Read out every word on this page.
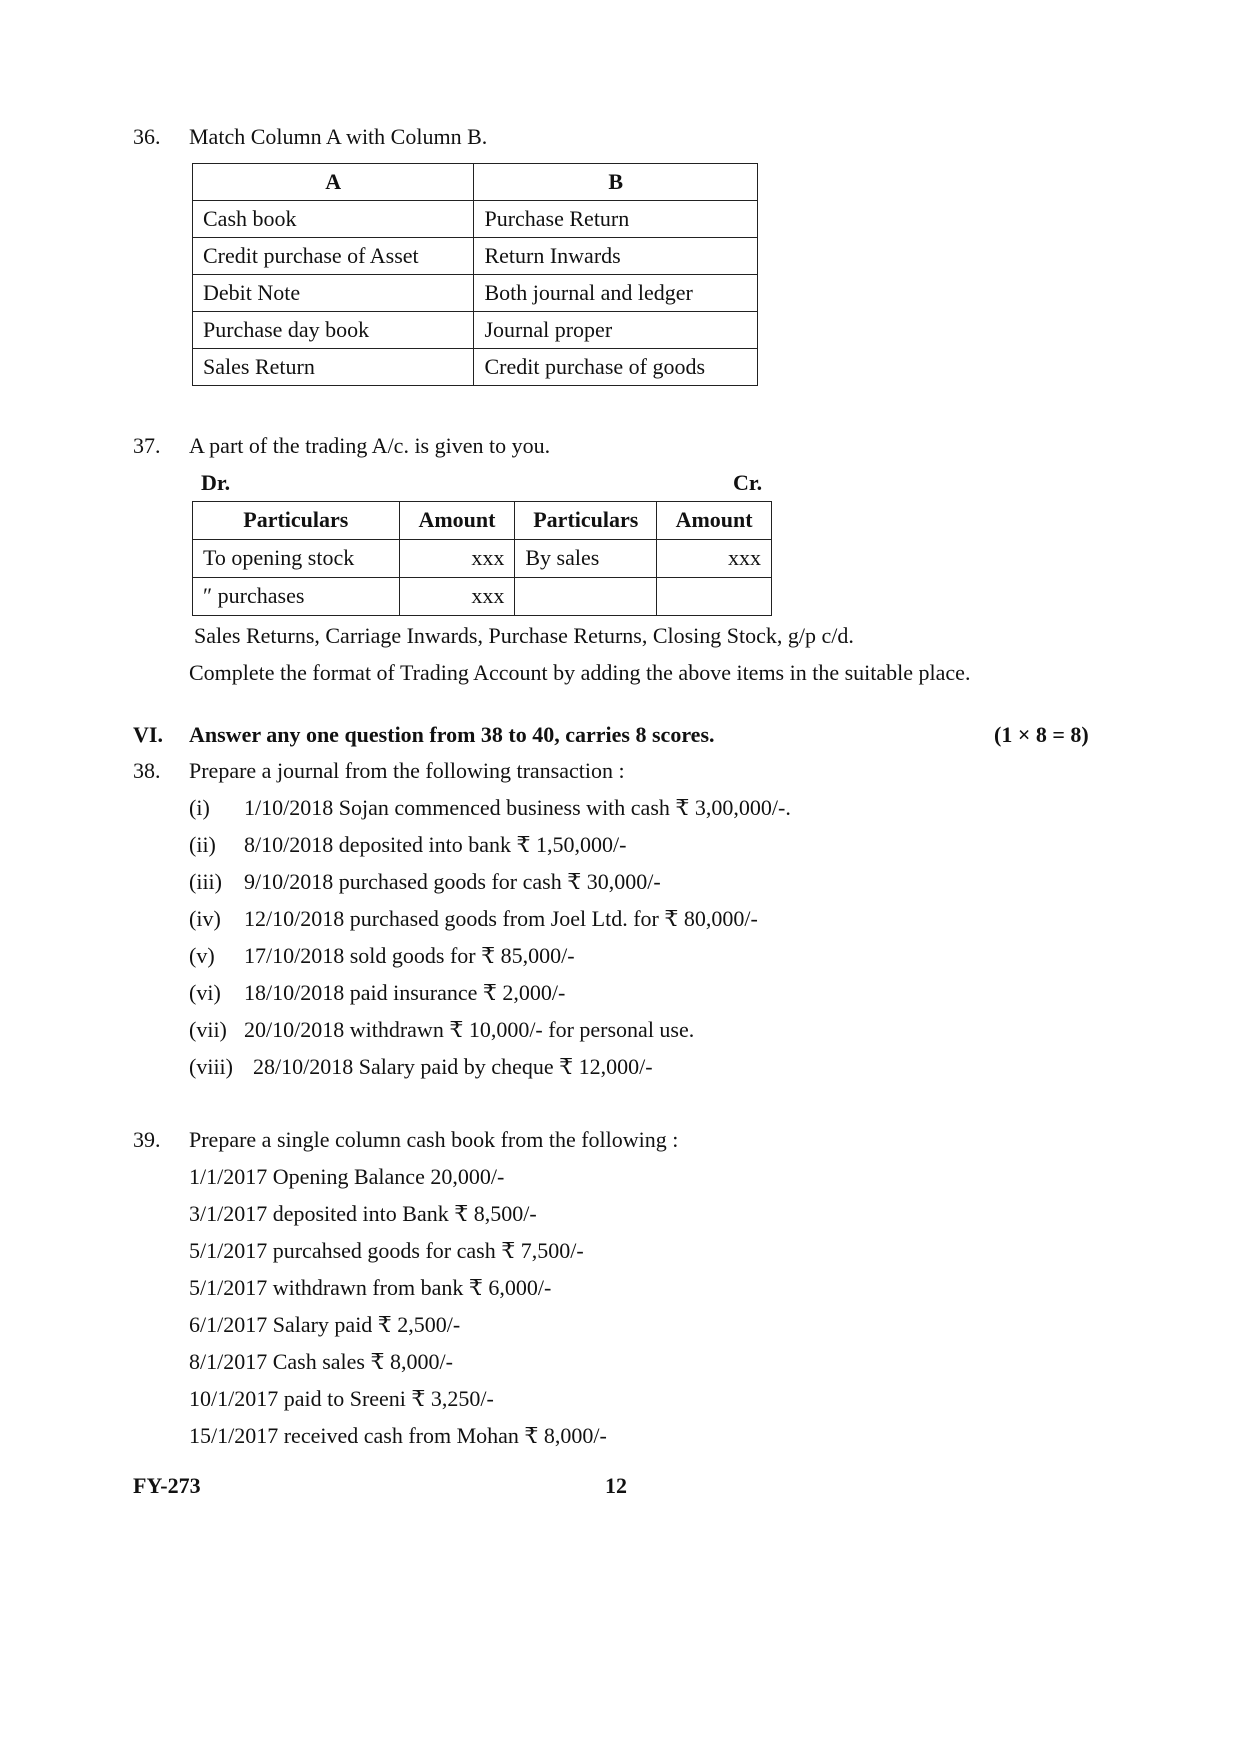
36. Match Column A with Column B.
A	B
Cash book	Purchase Return
Credit purchase of Asset	Return Inwards
Debit Note	Both journal and ledger
Purchase day book	Journal proper
Sales Return	Credit purchase of goods
37. A part of the trading A/c. is given to you.
Dr.	Cr.
Particulars	Amount	Particulars	Amount
To opening stock	xxx	By sales	xxx
″ purchases	xxx		
Sales Returns, Carriage Inwards, Purchase Returns, Closing Stock, g/p c/d.
Complete the format of Trading Account by adding the above items in the suitable place.
VI. Answer any one question from 38 to 40, carries 8 scores.	(1 × 8 = 8)
38. Prepare a journal from the following transaction :
(i) 1/10/2018 Sojan commenced business with cash ₹ 3,00,000/-.
(ii) 8/10/2018 deposited into bank ₹ 1,50,000/-
(iii) 9/10/2018 purchased goods for cash ₹ 30,000/-
(iv) 12/10/2018 purchased goods from Joel Ltd. for ₹ 80,000/-
(v) 17/10/2018 sold goods for ₹ 85,000/-
(vi) 18/10/2018 paid insurance ₹ 2,000/-
(vii) 20/10/2018 withdrawn ₹ 10,000/- for personal use.
(viii) 28/10/2018 Salary paid by cheque ₹ 12,000/-
39. Prepare a single column cash book from the following :
1/1/2017 Opening Balance 20,000/-
3/1/2017 deposited into Bank ₹ 8,500/-
5/1/2017 purcahsed goods for cash ₹ 7,500/-
5/1/2017 withdrawn from bank ₹ 6,000/-
6/1/2017 Salary paid ₹ 2,500/-
8/1/2017 Cash sales ₹ 8,000/-
10/1/2017 paid to Sreeni ₹ 3,250/-
15/1/2017 received cash from Mohan ₹ 8,000/-
FY-273	12
